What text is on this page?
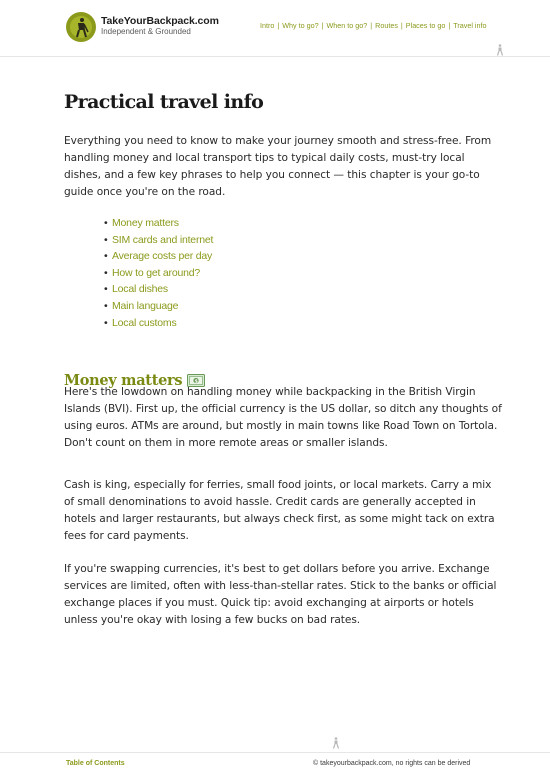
TakeYourBackpack.com
Independent & Grounded
Intro | Why to go? | When to go? | Routes | Places to go | Travel info
Practical travel info

Everything you need to know to make your journey smooth and stress-free. From handling money and local transport tips to typical daily costs, must-try local dishes, and a few key phrases to help you connect — this chapter is your go-to guide once you're on the road.

• Money matters
• SIM cards and internet
• Average costs per day
• How to get around?
• Local dishes
• Main language
• Local customs
Money matters	$

Here's the lowdown on handling money while backpacking in the British Virgin Islands (BVI). First up, the official currency is the US dollar, so ditch any thoughts of using euros. ATMs are around, but mostly in main towns like Road Town on Tortola. Don't count on them in more remote areas or smaller islands.

Cash is king, especially for ferries, small food joints, or local markets. Carry a mix of small denominations to avoid hassle. Credit cards are generally accepted in hotels and larger restaurants, but always check first, as some might tack on extra fees for card payments.

If you're swapping currencies, it's best to get dollars before you arrive. Exchange services are limited, often with less-than-stellar rates. Stick to the banks or official exchange places if you must. Quick tip: avoid exchanging at airports or hotels unless you're okay with losing a few bucks on bad rates.

Table of Contents	© takeyourbackpack.com, no rights can be derived
